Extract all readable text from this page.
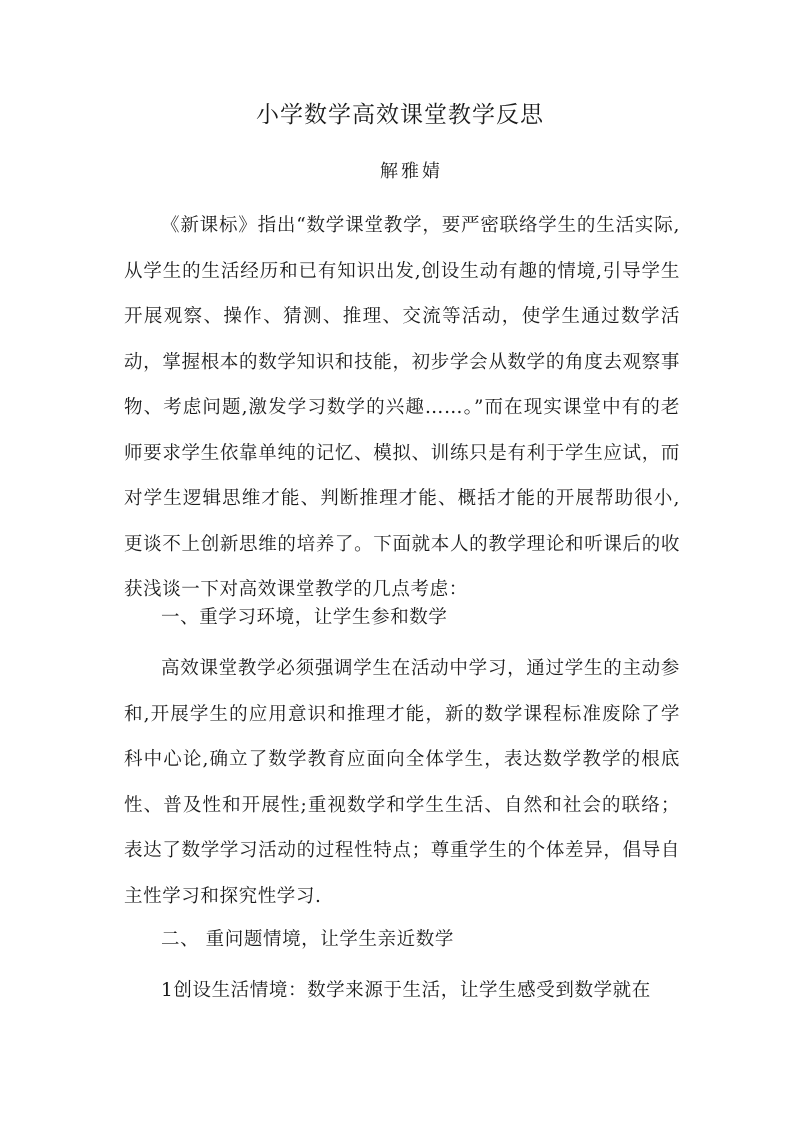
小学数学高效课堂教学反思
解雅婧

《新课标》指出“数学课堂教学，要严密联络学生的生活实际,从学生的生活经历和已有知识出发,创设生动有趣的情境,引导学生开展观察、操作、猜测、推理、交流等活动，使学生通过数学活动，掌握根本的数学知识和技能，初步学会从数学的角度去观察事物、考虑问题,激发学习数学的兴趣……。”而在现实课堂中有的老师要求学生依靠单纯的记忆、模拟、训练只是有利于学生应试，而对学生逻辑思维才能、判断推理才能、概括才能的开展帮助很小,更谈不上创新思维的培养了。下面就本人的教学理论和听课后的收获浅谈一下对高效课堂教学的几点考虑：

一、重学习环境，让学生参和数学

高效课堂教学必须强调学生在活动中学习，通过学生的主动参和,开展学生的应用意识和推理才能，新的数学课程标准废除了学科中心论,确立了数学教育应面向全体学生，表达数学教学的根底性、普及性和开展性;重视数学和学生生活、自然和社会的联络；表达了数学学习活动的过程性特点；尊重学生的个体差异，倡导自主性学习和探究性学习.

二、 重问题情境，让学生亲近数学

1创设生活情境：数学来源于生活，让学生感受到数学就在
